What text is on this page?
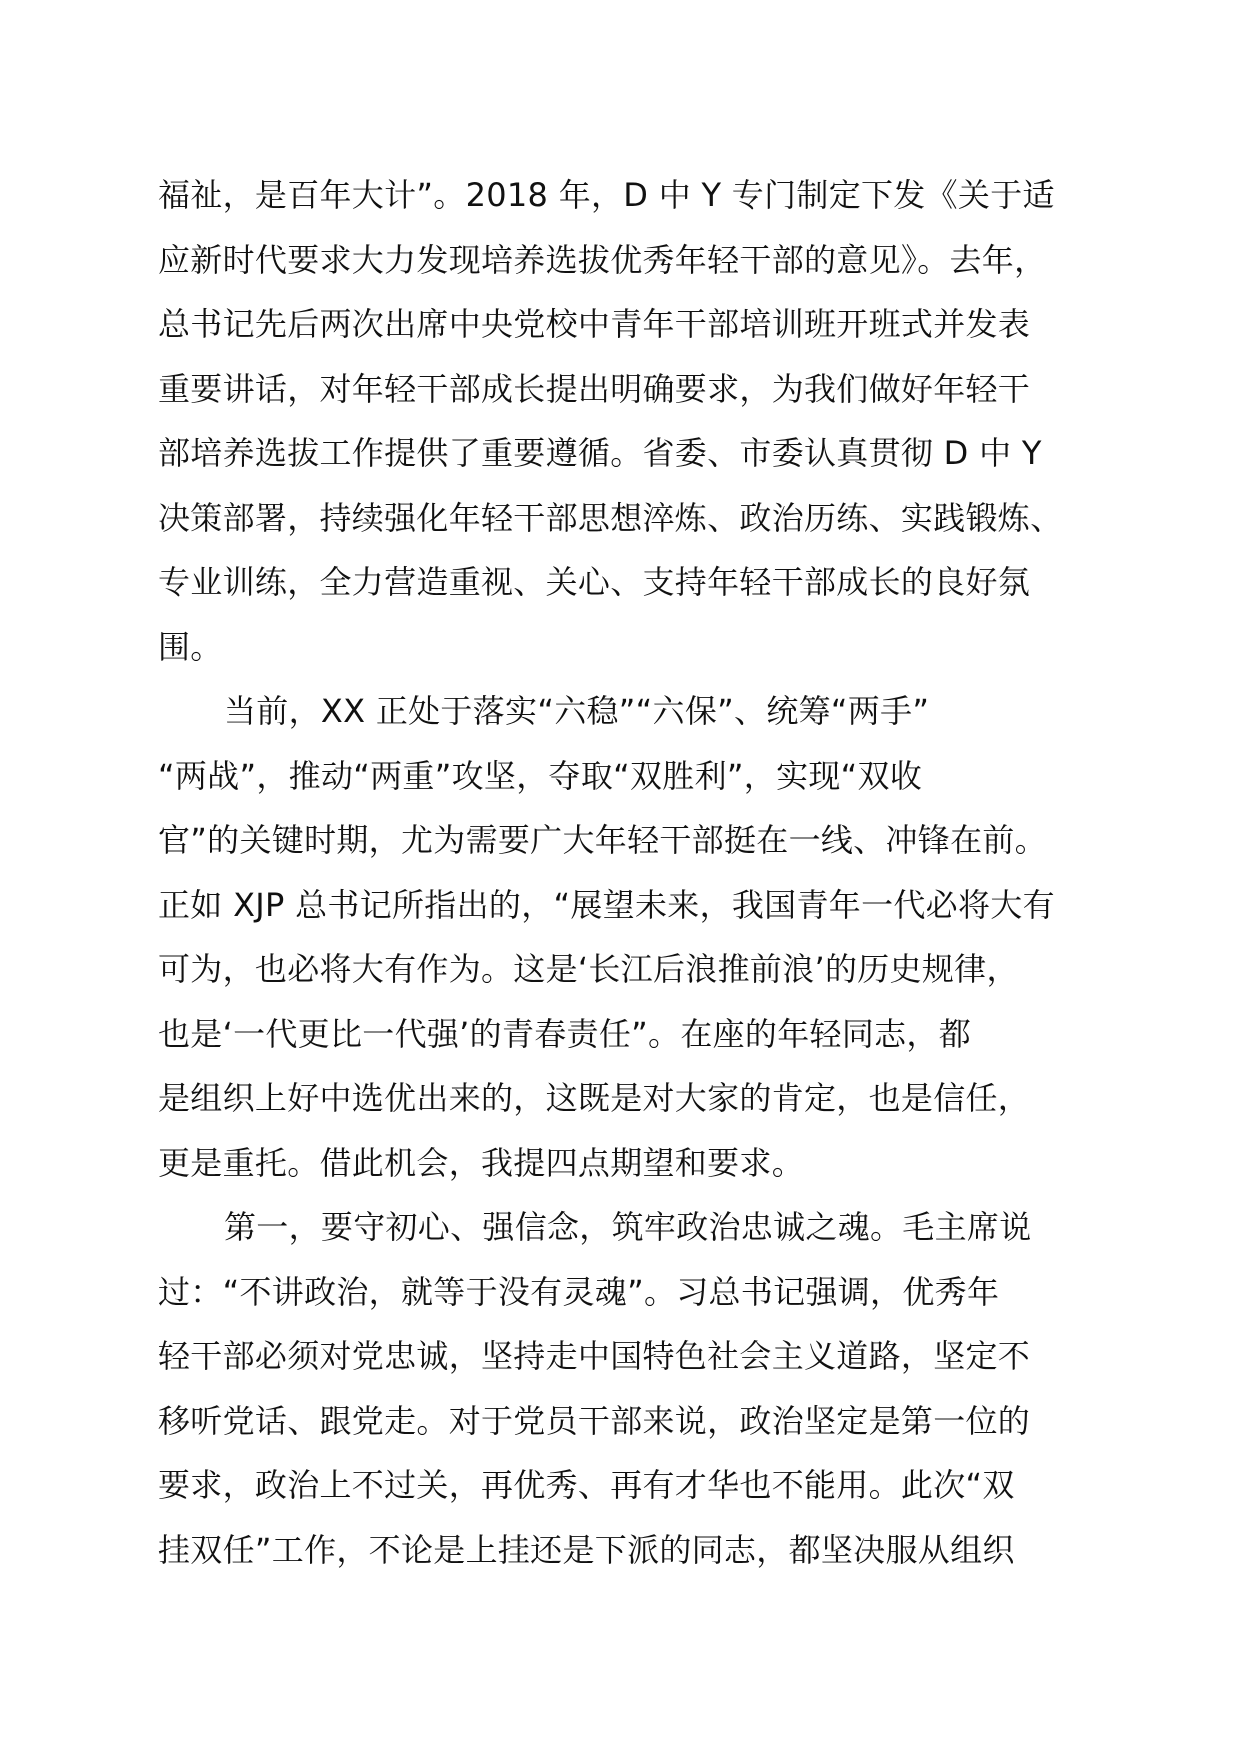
福祉，是百年大计”。2018 年，D 中 Y 专门制定下发《关于适
应新时代要求大力发现培养选拔优秀年轻干部的意见》。去年，
总书记先后两次出席中央党校中青年干部培训班开班式并发表
重要讲话，对年轻干部成长提出明确要求，为我们做好年轻干
部培养选拔工作提供了重要遵循。省委、市委认真贯彻 D 中 Y
决策部署，持续强化年轻干部思想淬炼、政治历练、实践锻炼、
专业训练，全力营造重视、关心、支持年轻干部成长的良好氛
围。
当前，XX 正处于落实“六稳”“六保”、统筹“两手”
“两战”，推动“两重”攻坚，夺取“双胜利”，实现“双收
官”的关键时期，尤为需要广大年轻干部挺在一线、冲锋在前。
正如 XJP 总书记所指出的，“展望未来，我国青年一代必将大有
可为，也必将大有作为。这是‘长江后浪推前浪’的历史规律，
也是‘一代更比一代强’的青春责任”。在座的年轻同志，都
是组织上好中选优出来的，这既是对大家的肯定，也是信任，
更是重托。借此机会，我提四点期望和要求。
第一，要守初心、强信念，筑牢政治忠诚之魂。毛主席说
过：“不讲政治，就等于没有灵魂”。习总书记强调，优秀年
轻干部必须对党忠诚，坚持走中国特色社会主义道路，坚定不
移听党话、跟党走。对于党员干部来说，政治坚定是第一位的
要求，政治上不过关，再优秀、再有才华也不能用。此次“双
挂双任”工作，不论是上挂还是下派的同志，都坚决服从组织
